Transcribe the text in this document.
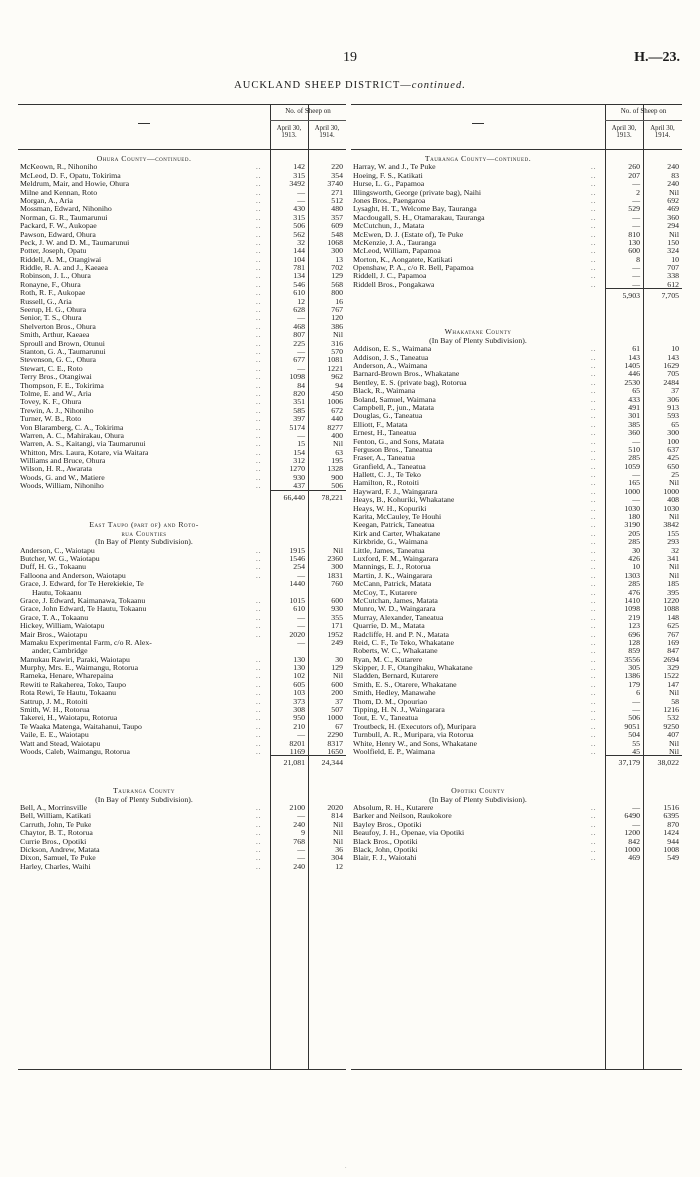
19	H.—23.
AUCKLAND SHEEP DISTRICT—continued.
No. of Sheep on
April 30, 1913.
April 30, 1914.
Ohura County—continued.
McKeown, R., Nihoniho	..	142	220
McLeod, D. F., Opatu, Tokirima	..	315	354
Meldrum, Mair, and Howie, Ohura	..	3492	3740
Milne and Kennan, Roto	..	—	271
Morgan, A., Aria	..	—	512
Mossman, Edward, Nihoniho	..	430	480
Norman, G. R., Taumarunui	..	315	357
Packard, F. W., Aukopae	..	506	609
Pawson, Edward, Ohura	..	562	548
Peck, J. W. and D. M., Taumarunui	..	32	1068
Potter, Joseph, Opatu	..	144	300
Riddell, A. M., Otangiwai	..	104	13
Riddle, R. A. and J., Kaeaea	..	781	702
Robinson, J. L., Ohura	..	134	129
Ronayne, F., Ohura	..	546	568
Roth, R. F., Aukopae	..	610	800
Russell, G., Aria	..	12	16
Seerup, H. G., Ohura	..	628	767
Senior, T. S., Ohura	..	—	120
Shelverton Bros., Ohura	..	468	386
Smith, Arthur, Kaeaea	..	807	Nil
Sproull and Brown, Otunui	..	225	316
Stanton, G. A., Taumarunui	..	—	570
Stevenson, G. C., Ohura	..	677	1081
Stewart, C. E., Roto	..	—	1221
Terry Bros., Otangiwai	..	1098	962
Thompson, F. E., Tokirima	..	84	94
Tolme, E. and W., Aria	..	820	450
Tovey, K. F., Ohura	..	351	1006
Trewin, A. J., Nihoniho	..	585	672
Turner, W. B., Roto	..	397	440
Von Blaramberg, C. A., Tokirima	..	5174	8277
Warren, A. C., Mahirakau, Ohura	..	—	400
Warren, A. S., Kaitangi, via Taumarunui	..	15	Nil
Whitton, Mrs. Laura, Kotare, via Waitara	..	154	63
Williams and Bruce, Ohura	..	312	195
Wilson, H. R., Awarata	..	1270	1328
Woods, G. and W., Matiere	..	930	900
Woods, William, Nihoniho	..	437	506
66,440	78,221
East Taupo (part of) and Roto-
rua Counties
(In Bay of Plenty Subdivision).
Anderson, C., Waiotapu	..	1915	Nil
Butcher, W. G., Waiotapu	..	1546	2360
Duff, H. G., Tokaanu	..	254	300
Falloona and Anderson, Waiotapu	..	—	1831
Grace, J. Edward, for Te Herekiekie, Te	1440	760
Hautu, Tokaanu
Grace, J. Edward, Kaimanawa, Tokaanu	..	1015	600
Grace, John Edward, Te Hautu, Tokaanu	..	610	930
Grace, T. A., Tokaanu	..	—	355
Hickey, William, Waiotapu	..	—	171
Mair Bros., Waiotapu	..	2020	1952
Mamaku Experimental Farm, c/o R. Alex-	—	249
ander, Cambridge
Manukau Rawiri, Paraki, Waiotapu	..	130	30
Murphy, Mrs. E., Waimangu, Rotorua	..	130	129
Rameka, Henare, Wharepaina	..	102	Nil
Rewiti te Rakaherea, Toko, Taupo	..	605	600
Rota Rewi, Te Hautu, Tokaanu	..	103	200
Sattrup, J. M., Rotoiti	..	373	37
Smith, W. H., Rotorua	..	308	507
Takerei, H., Waiotapu, Rotorua	..	950	1000
Te Waaka Matenga, Waitahanui, Taupo	..	210	67
Vaile, E. E., Waiotapu	..	—	2290
Watt and Stead, Waiotapu	..	8201	8317
Woods, Caleb, Waimangu, Rotorua	..	1169	1650
21,081	24,344
Tauranga County
(In Bay of Plenty Subdivision).
Bell, A., Morrinsville	..	2100	2020
Bell, William, Katikati	..	—	814
Carruth, John, Te Puke	..	240	Nil
Chaytor, B. T., Rotorua	..	9	Nil
Currie Bros., Opotiki	..	768	Nil
Dickson, Andrew, Matata	..	—	36
Dixon, Samuel, Te Puke	..	—	304
Harley, Charles, Waihi	..	240	12
No. of Sheep on
April 30, 1913.
April 30, 1914.
Tauranga County—continued.
Harray, W. and J., Te Puke	..	260	240
Hoeing, F. S., Katikati	..	207	83
Hurse, L. G., Papamoa	..	—	240
Illingsworth, George (private bag), Naihi	..	2	Nil
Jones Bros., Paengaroa	..	—	692
Lysaght, H. T., Welcome Bay, Tauranga	..	529	469
Macdougall, S. H., Otamarakau, Tauranga	..	—	360
McCutchun, J., Matata	..	—	294
McEwen, D. J. (Estate of), Te Puke	..	810	Nil
McKenzie, J. A., Tauranga	..	130	150
McLeod, William, Papamoa	..	600	324
Morton, K., Aongatete, Katikati	..	8	10
Openshaw, P. A., c/o R. Bell, Papamoa	..	—	707
Riddell, J. C., Papamoa	..	—	338
Riddell Bros., Pongakawa	..	—	612
5,903	7,705
Whakatane County
(In Bay of Plenty Subdivision).
Addison, E. S., Waimana	..	61	10
Addison, J. S., Taneatua	..	143	143
Anderson, A., Waimana	..	1405	1629
Barnard-Brown Bros., Whakatane	..	446	705
Bentley, E. S. (private bag), Rotorua	..	2530	2484
Black, R., Waimana	..	65	37
Boland, Samuel, Waimana	..	433	306
Campbell, P., jun., Matata	..	491	913
Douglas, G., Taneatua	..	301	593
Elliott, F., Matata	..	385	65
Ernest, H., Taneatua	..	360	300
Fenton, G., and Sons, Matata	..	—	100
Ferguson Bros., Taneatua	..	510	637
Fraser, A., Taneatua	..	285	425
Granfield, A., Taneatua	..	1059	650
Hallett, C. J., Te Teko	..	—	25
Hamilton, R., Rotoiti	..	165	Nil
Hayward, F. J., Waingarara	..	1000	1000
Heays, B., Kohuriki, Whakatane	..	—	408
Heays, W. H., Kopuriki	..	1030	1030
Karita, McCauley, Te Houhi	..	180	Nil
Keegan, Patrick, Taneatua	..	3190	3842
Kirk and Carter, Whakatane	..	205	155
Kirkbride, G., Waimana	..	285	293
Little, James, Taneatua	..	30	32
Luxford, F. M., Waingarara	..	426	341
Mannings, E. J., Rotorua	..	10	Nil
Martin, J. K., Waingarara	..	1303	Nil
McCann, Patrick, Matata	..	285	185
McCoy, T., Kutarere	..	476	395
McCutchan, James, Matata	..	1410	1220
Munro, W. D., Waingarara	..	1098	1088
Murray, Alexander, Taneatua	..	219	148
Quarrie, D. M., Matata	..	123	625
Radcliffe, H. and P. N., Matata	..	696	767
Reid, C. F., Te Teko, Whakatane	..	128	169
Roberts, W. C., Whakatane	..	859	847
Ryan, M. C., Kutarere	..	3556	2694
Skipper, J. F., Otangihaku, Whakatane	..	305	329
Sladden, Bernard, Kutarere	..	1386	1522
Smith, E. S., Otarere, Whakatane	..	179	147
Smith, Hedley, Manawahe	..	6	Nil
Thom, D. M., Opouriao	..	—	58
Tipping, H. N. J., Waingarara	..	—	1216
Tout, E. V., Taneatua	..	506	532
Troutbeck, H. (Executors of), Muripara	..	9051	9250
Turnbull, A. R., Muripara, via Rotorua	..	504	407
White, Henry W., and Sons, Whakatane	..	55	Nil
Woolfield, E. P., Waimana	..	45	Nil
37,179	38,022
Opotiki County
(In Bay of Plenty Subdivision).
Absolum, R. H., Kutarere	..	—	1516
Barker and Neilson, Raukokore	..	6490	6395
Bayley Bros., Opotiki	..	—	870
Beaufoy, J. H., Openae, via Opotiki	..	1200	1424
Black Bros., Opotiki	..	842	944
Black, John, Opotiki	..	1000	1008
Blair, F. J., Waiotahi	..	469	549
.
